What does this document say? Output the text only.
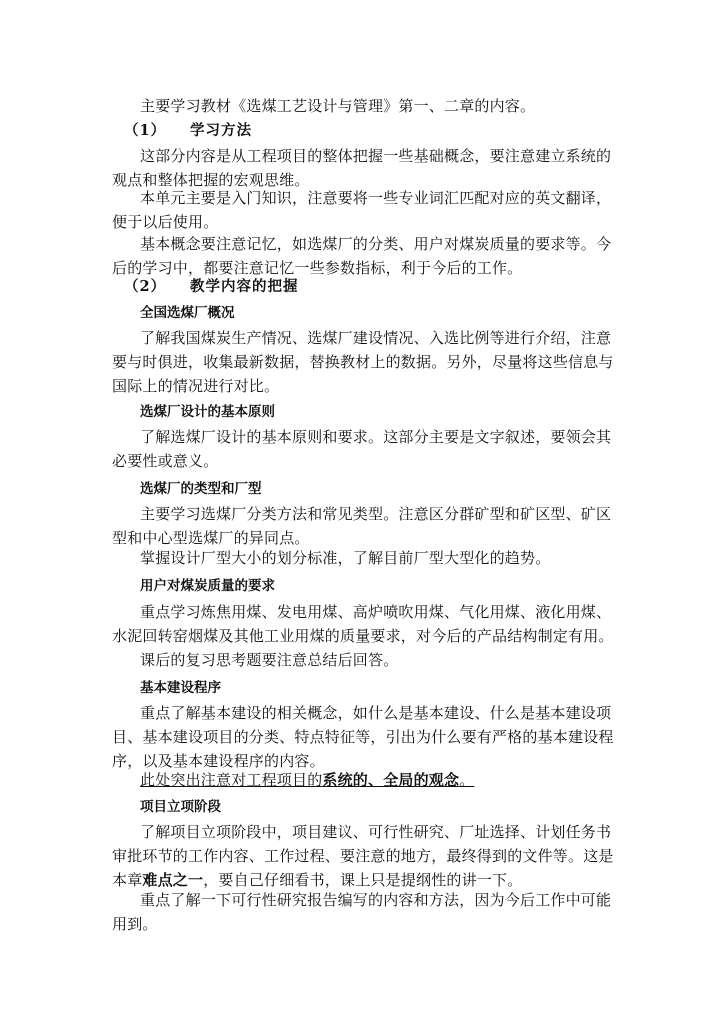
主要学习教材《选煤工艺设计与管理》第一、二章的内容。

（1） 学习方法

这部分内容是从工程项目的整体把握一些基础概念，要注意建立系统的观点和整体把握的宏观思维。

本单元主要是入门知识，注意要将一些专业词汇匹配对应的英文翻译，便于以后使用。

基本概念要注意记忆，如选煤厂的分类、用户对煤炭质量的要求等。今后的学习中，都要注意记忆一些参数指标，利于今后的工作。

（2） 教学内容的把握

全国选煤厂概况

了解我国煤炭生产情况、选煤厂建设情况、入选比例等进行介绍，注意要与时俱进，收集最新数据，替换教材上的数据。另外，尽量将这些信息与国际上的情况进行对比。

选煤厂设计的基本原则

了解选煤厂设计的基本原则和要求。这部分主要是文字叙述，要领会其必要性或意义。

选煤厂的类型和厂型

主要学习选煤厂分类方法和常见类型。注意区分群矿型和矿区型、矿区型和中心型选煤厂的异同点。

掌握设计厂型大小的划分标准，了解目前厂型大型化的趋势。

用户对煤炭质量的要求

重点学习炼焦用煤、发电用煤、高炉喷吹用煤、气化用煤、液化用煤、水泥回转窑烟煤及其他工业用煤的质量要求，对今后的产品结构制定有用。

课后的复习思考题要注意总结后回答。

基本建设程序

重点了解基本建设的相关概念，如什么是基本建设、什么是基本建设项目、基本建设项目的分类、特点特征等，引出为什么要有严格的基本建设程序，以及基本建设程序的内容。

此处突出注意对工程项目的系统的、全局的观念。

项目立项阶段

了解项目立项阶段中，项目建议、可行性研究、厂址选择、计划任务书审批环节的工作内容、工作过程、要注意的地方，最终得到的文件等。这是本章难点之一，要自己仔细看书，课上只是提纲性的讲一下。

重点了解一下可行性研究报告编写的内容和方法，因为今后工作中可能用到。
